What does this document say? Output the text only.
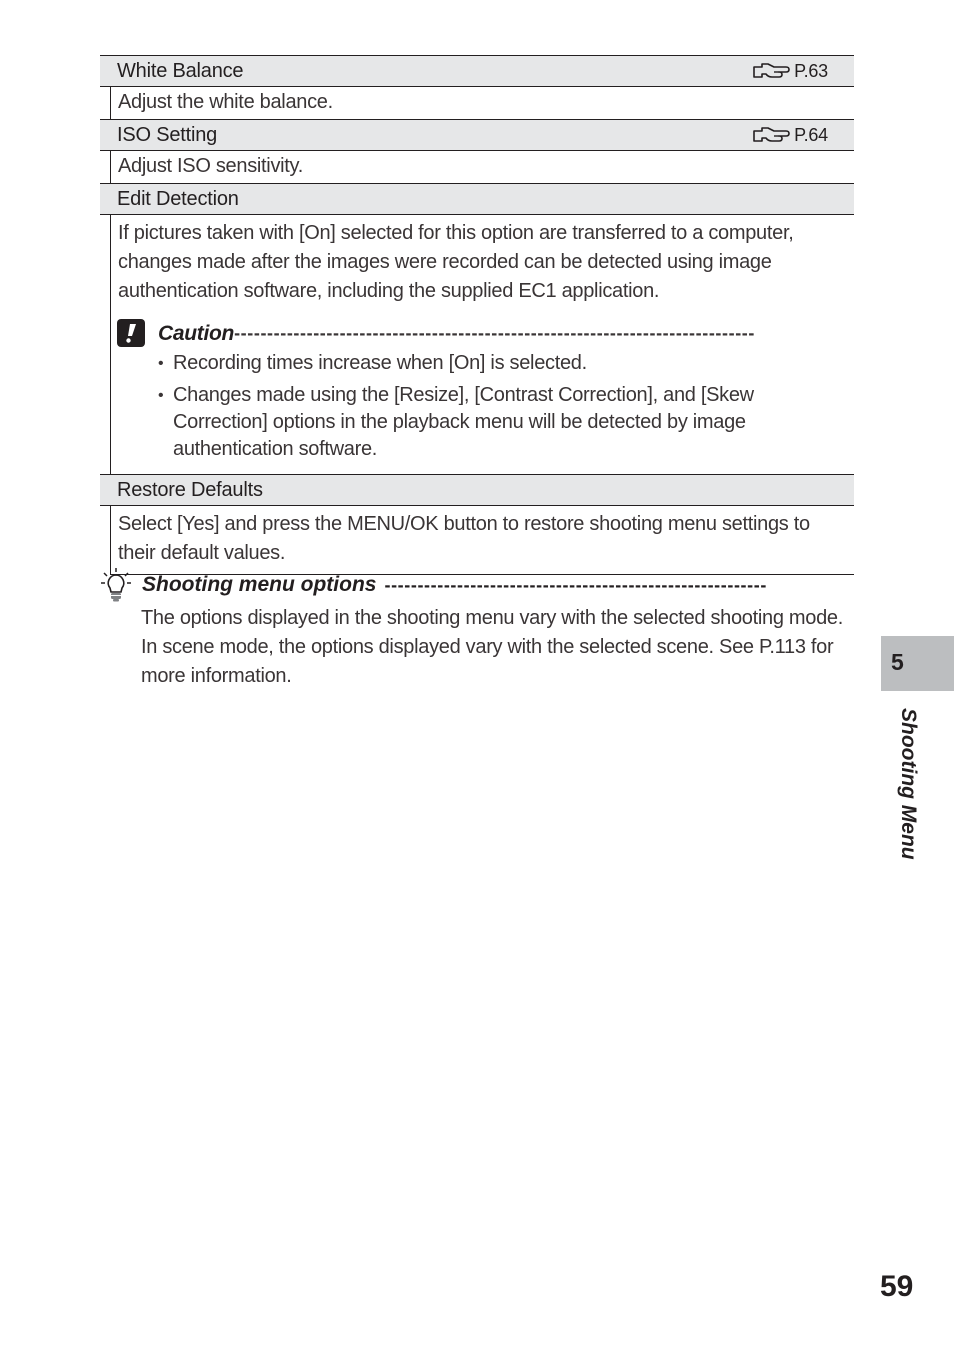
White Balance	P.63
Adjust the white balance.
ISO Setting	P.64
Adjust ISO sensitivity.
Edit Detection
If pictures taken with [On] selected for this option are transferred to a computer, changes made after the images were recorded can be detected using image authentication software, including the supplied EC1 application.
Caution -------------------------------------------------------------------------------
• Recording times increase when [On] is selected.
• Changes made using the [Resize], [Contrast Correction], and [Skew Correction] options in the playback menu will be detected by image authentication software.
Restore Defaults
Select [Yes] and press the MENU/OK button to restore shooting menu settings to their default values.
Shooting menu options ----------------------------------------------------------
The options displayed in the shooting menu vary with the selected shooting mode. In scene mode, the options displayed vary with the selected scene. See P.113 for more information.
5
Shooting Menu
59
